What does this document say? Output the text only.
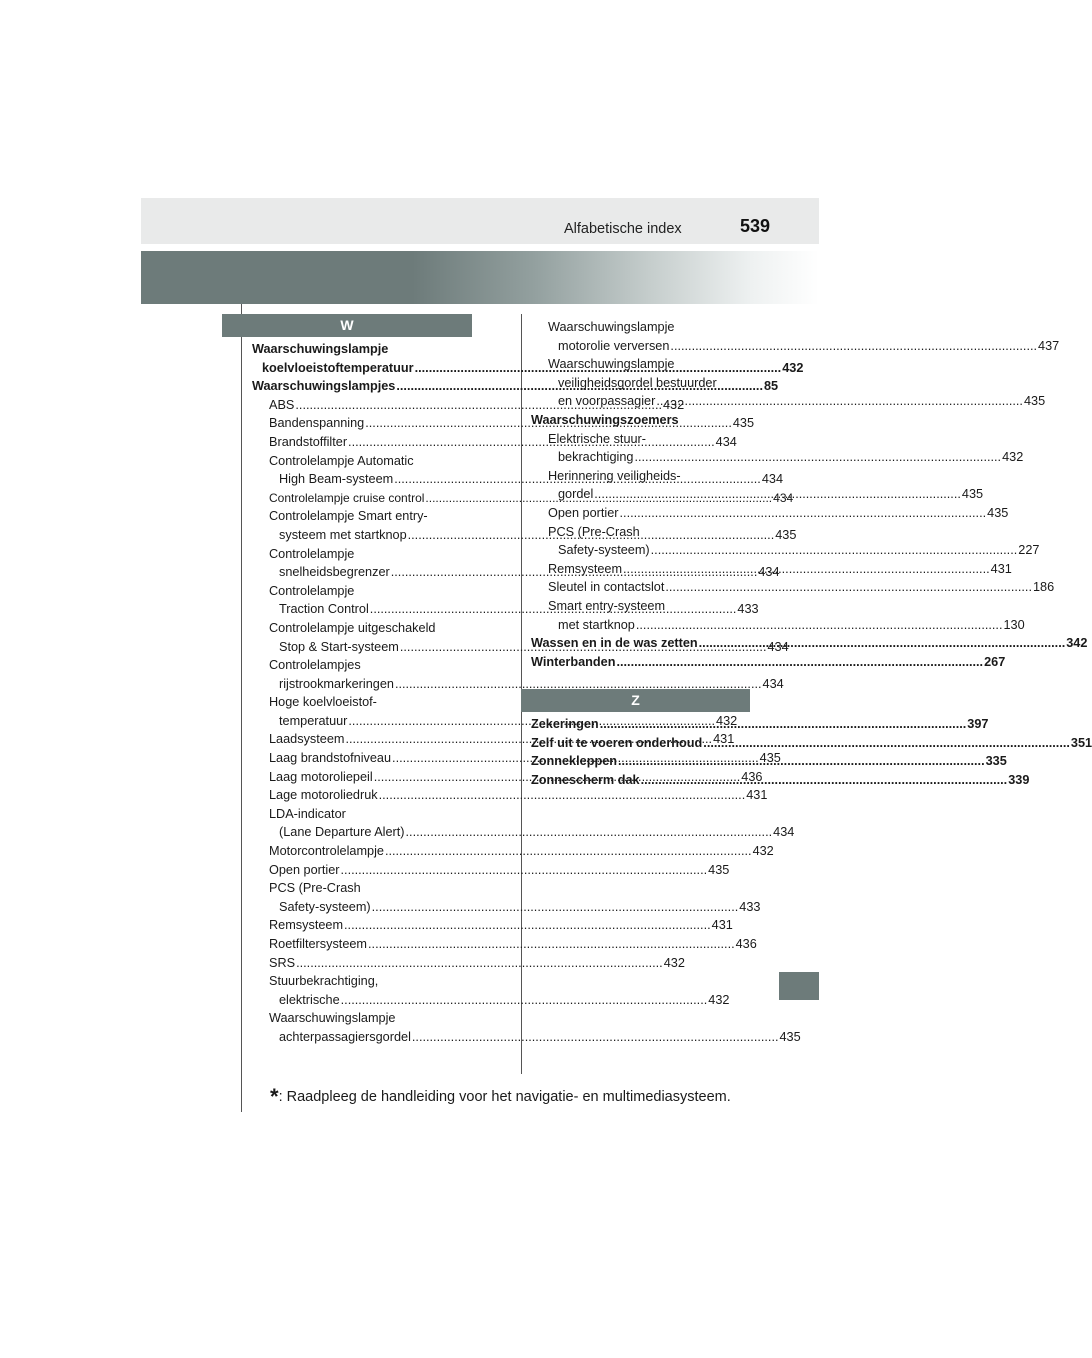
Alfabetische index	539
W
Z
Waarschuwingslampje
koelvloeistoftemperatuur .....	432
Waarschuwingslampjes .....	85
ABS .....	432
Bandenspanning .....	435
Brandstoffilter .....	434
Controlelampje Automatic
High Beam-systeem .....	434
Controlelampje cruise control .....	434
Controlelampje Smart entry-
systeem met startknop .....	435
Controlelampje
snelheidsbegrenzer .....	434
Controlelampje
Traction Control .....	433
Controlelampje uitgeschakeld
Stop & Start-systeem .....	434
Controlelampjes
rijstrookmarkeringen .....	434
Hoge koelvloeistof-
temperatuur .....	432
Laadsysteem .....	431
Laag brandstofniveau .....	435
Laag motoroliepeil .....	436
Lage motoroliedruk .....	431
LDA-indicator
(Lane Departure Alert) .....	434
Motorcontrolelampje .....	432
Open portier .....	435
PCS (Pre-Crash
Safety-systeem) .....	433
Remsysteem .....	431
Roetfiltersysteem .....	436
SRS .....	432
Stuurbekrachtiging,
elektrische .....	432
Waarschuwingslampje
achterpassagiersgordel .....	435
Waarschuwingslampje
motorolie verversen .....	437
Waarschuwingslampje
veiligheidsgordel bestuurder
en voorpassagier .....	435
Waarschuwingszoemers
Elektrische stuur-
bekrachtiging .....	432
Herinnering veiligheids-
gordel .....	435
Open portier .....	435
PCS (Pre-Crash
Safety-systeem) .....	227
Remsysteem .....	431
Sleutel in contactslot .....	186
Smart entry-systeem
met startknop .....	130
Wassen en in de was zetten .....	342
Winterbanden .....	267
Zekeringen .....	397
Zelf uit te voeren onderhoud .....	351
Zonnekleppen .....	335
Zonnescherm dak .....	339
*: Raadpleeg de handleiding voor het navigatie- en multimediasysteem.
